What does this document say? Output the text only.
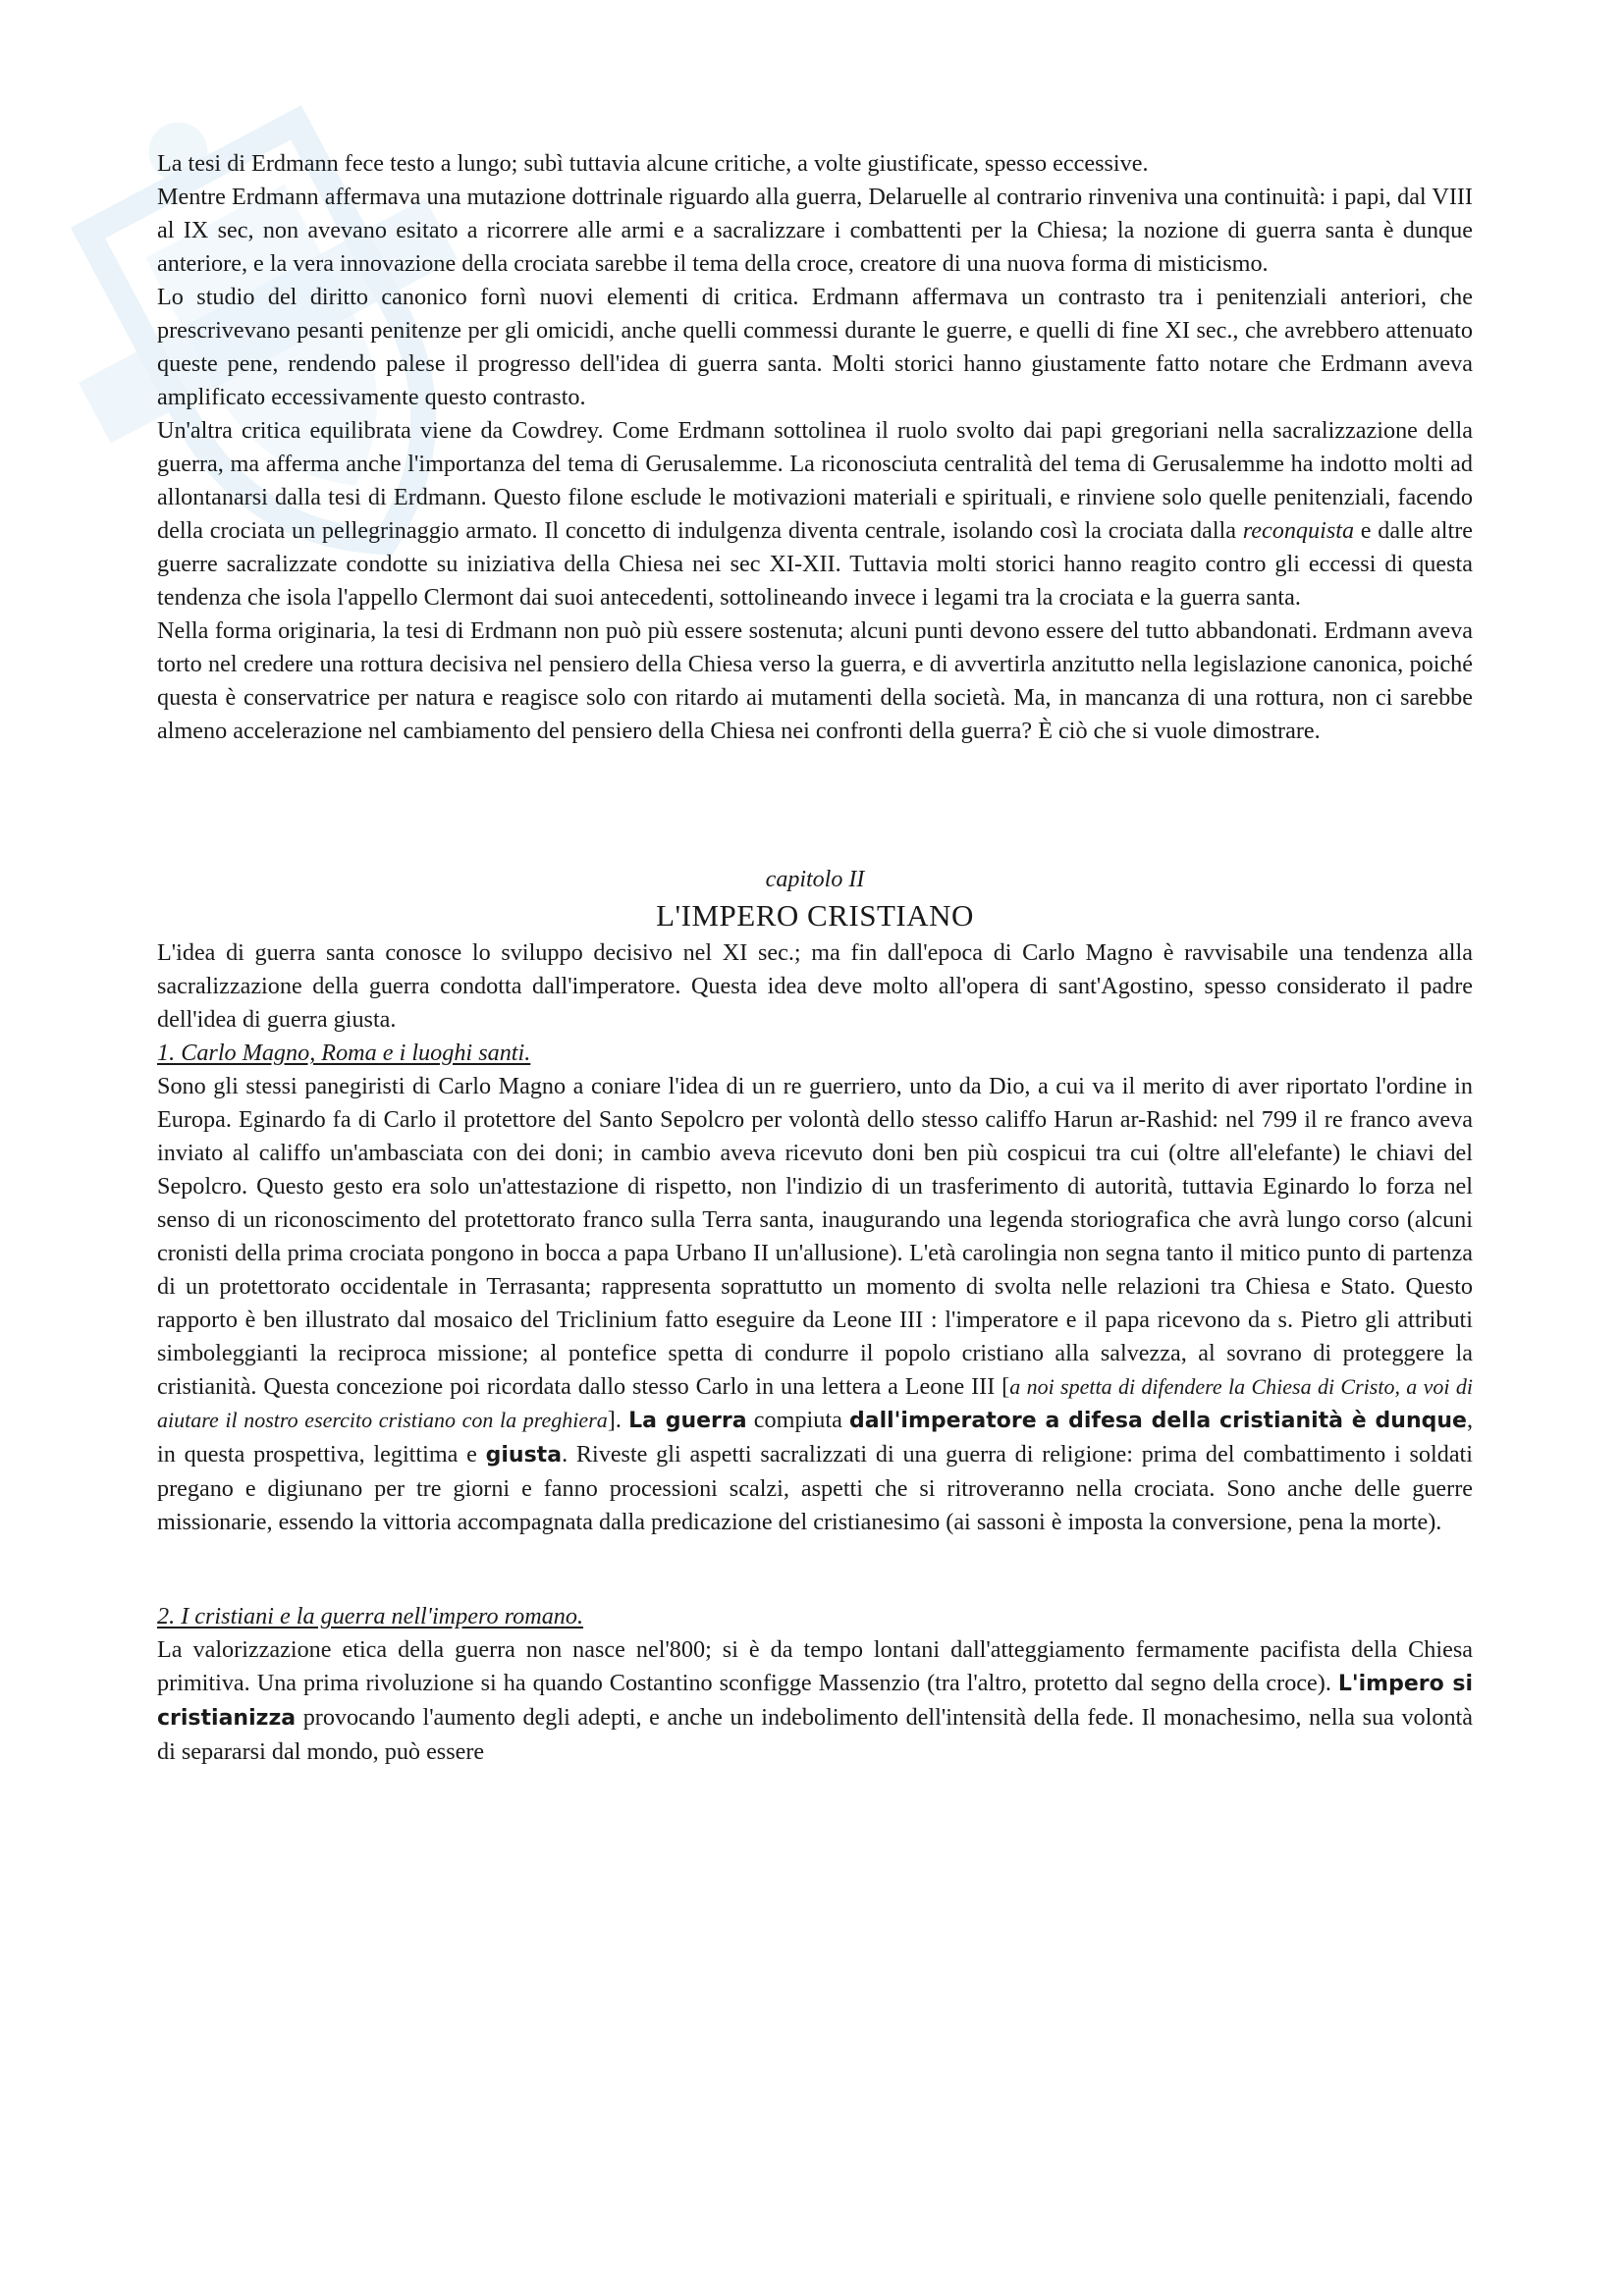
La tesi di Erdmann fece testo a lungo; subì tuttavia alcune critiche, a volte giustificate, spesso eccessive.

Mentre Erdmann affermava una mutazione dottrinale riguardo alla guerra, Delaruelle al contrario rinveniva una continuità: i papi, dal VIII al IX sec, non avevano esitato a ricorrere alle armi e a sacralizzare i combattenti per la Chiesa; la nozione di guerra santa è dunque anteriore, e la vera innovazione della crociata sarebbe il tema della croce, creatore di una nuova forma di misticismo.

Lo studio del diritto canonico fornì nuovi elementi di critica. Erdmann affermava un contrasto tra i penitenziali anteriori, che prescrivevano pesanti penitenze per gli omicidi, anche quelli commessi durante le guerre, e quelli di fine XI sec., che avrebbero attenuato queste pene, rendendo palese il progresso dell'idea di guerra santa. Molti storici hanno giustamente fatto notare che Erdmann aveva amplificato eccessivamente questo contrasto.

Un'altra critica equilibrata viene da Cowdrey. Come Erdmann sottolinea il ruolo svolto dai papi gregoriani nella sacralizzazione della guerra, ma afferma anche l'importanza del tema di Gerusalemme. La riconosciuta centralità del tema di Gerusalemme ha indotto molti ad allontanarsi dalla tesi di Erdmann. Questo filone esclude le motivazioni materiali e spirituali, e rinviene solo quelle penitenziali, facendo della crociata un pellegrinaggio armato. Il concetto di indulgenza diventa centrale, isolando così la crociata dalla reconquista e dalle altre guerre sacralizzate condotte su iniziativa della Chiesa nei sec XI-XII. Tuttavia molti storici hanno reagito contro gli eccessi di questa tendenza che isola l'appello Clermont dai suoi antecedenti, sottolineando invece i legami tra la crociata e la guerra santa.

Nella forma originaria, la tesi di Erdmann non può più essere sostenuta; alcuni punti devono essere del tutto abbandonati. Erdmann aveva torto nel credere una rottura decisiva nel pensiero della Chiesa verso la guerra, e di avvertirla anzitutto nella legislazione canonica, poiché questa è conservatrice per natura e reagisce solo con ritardo ai mutamenti della società. Ma, in mancanza di una rottura, non ci sarebbe almeno accelerazione nel cambiamento del pensiero della Chiesa nei confronti della guerra? È ciò che si vuole dimostrare.

capitolo II
L'IMPERO CRISTIANO

L'idea di guerra santa conosce lo sviluppo decisivo nel XI sec.; ma fin dall'epoca di Carlo Magno è ravvisabile una tendenza alla sacralizzazione della guerra condotta dall'imperatore. Questa idea deve molto all'opera di sant'Agostino, spesso considerato il padre dell'idea di guerra giusta.

1. Carlo Magno, Roma e i luoghi santi.

Sono gli stessi panegiristi di Carlo Magno a coniare l'idea di un re guerriero, unto da Dio, a cui va il merito di aver riportato l'ordine in Europa. Eginardo fa di Carlo il protettore del Santo Sepolcro per volontà dello stesso califfo Harun ar-Rashid: nel 799 il re franco aveva inviato al califfo un'ambasciata con dei doni; in cambio aveva ricevuto doni ben più cospicui tra cui (oltre all'elefante) le chiavi del Sepolcro. Questo gesto era solo un'attestazione di rispetto, non l'indizio di un trasferimento di autorità, tuttavia Eginardo lo forza nel senso di un riconoscimento del protettorato franco sulla Terra santa, inaugurando una legenda storiografica che avrà lungo corso (alcuni cronisti della prima crociata pongono in bocca a papa Urbano II un'allusione). L'età carolingia non segna tanto il mitico punto di partenza di un protettorato occidentale in Terrasanta; rappresenta soprattutto un momento di svolta nelle relazioni tra Chiesa e Stato. Questo rapporto è ben illustrato dal mosaico del Triclinium fatto eseguire da Leone III : l'imperatore e il papa ricevono da s. Pietro gli attributi simboleggianti la reciproca missione; al pontefice spetta di condurre il popolo cristiano alla salvezza, al sovrano di proteggere la cristianità. Questa concezione poi ricordata dallo stesso Carlo in una lettera a Leone III [a noi spetta di difendere la Chiesa di Cristo, a voi di aiutare il nostro esercito cristiano con la preghiera]. La guerra compiuta dall'imperatore a difesa della cristianità è dunque, in questa prospettiva, legittima e giusta. Riveste gli aspetti sacralizzati di una guerra di religione: prima del combattimento i soldati pregano e digiunano per tre giorni e fanno processioni scalzi, aspetti che si ritroveranno nella crociata. Sono anche delle guerre missionarie, essendo la vittoria accompagnata dalla predicazione del cristianesimo (ai sassoni è imposta la conversione, pena la morte).

2. I cristiani e la guerra nell'impero romano.

La valorizzazione etica della guerra non nasce nel'800; si è da tempo lontani dall'atteggiamento fermamente pacifista della Chiesa primitiva. Una prima rivoluzione si ha quando Costantino sconfigge Massenzio (tra l'altro, protetto dal segno della croce). L'impero si cristianizza provocando l'aumento degli adepti, e anche un indebolimento dell'intensità della fede. Il monachesimo, nella sua volontà di separarsi dal mondo, può essere
